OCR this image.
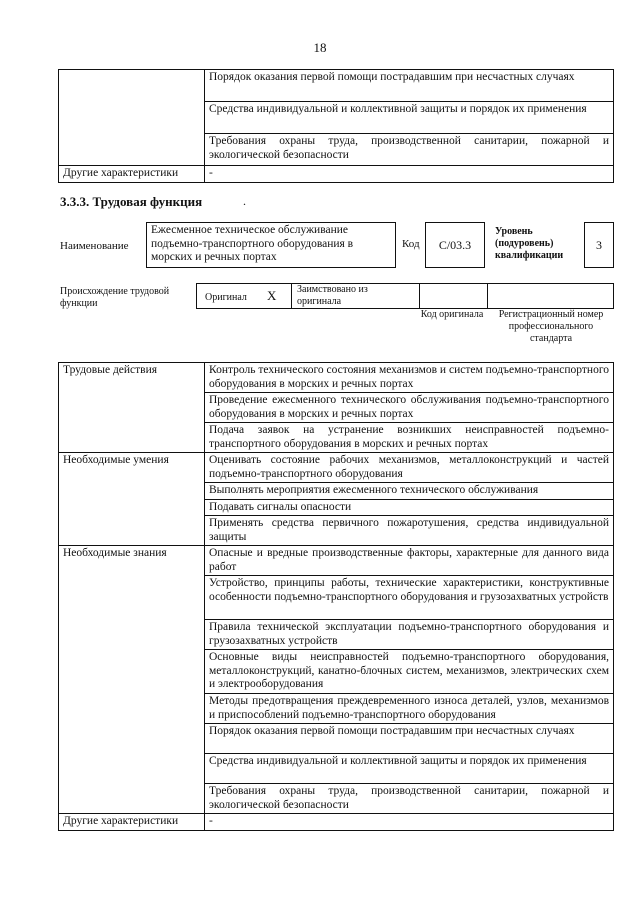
18
	Порядок оказания первой помощи пострадавшим при несчастных случаях
	Средства индивидуальной и коллективной защиты и порядок их применения
	Требования охраны труда, производственной санитарии, пожарной и экологической безопасности
Другие характеристики	-
3.3.3. Трудовая функция	.
Наименование
Ежесменное техническое обслуживание подъемно-транспортного оборудования в морских и речных портах
Код С/03.3
Уровень (подуровень) квалификации
3
Происхождение трудовой функции
Оригинал X Заимствовано из оригинала
Код оригинала	Регистрационный номер профессионального стандарта
Трудовые действия	Контроль технического состояния механизмов и систем подъемно-транспортного оборудования в морских и речных портах
	Проведение ежесменного технического обслуживания подъемно-транспортного оборудования в морских и речных портах
	Подача заявок на устранение возникших неисправностей подъемно-транспортного оборудования в морских и речных портах
Необходимые умения	Оценивать состояние рабочих механизмов, металлоконструкций и частей подъемно-транспортного оборудования
	Выполнять мероприятия ежесменного технического обслуживания
	Подавать сигналы опасности
	Применять средства первичного пожаротушения, средства индивидуальной защиты
Необходимые знания	Опасные и вредные производственные факторы, характерные для данного вида работ
	Устройство, принципы работы, технические характеристики, конструктивные особенности подъемно-транспортного оборудования и грузозахватных устройств
	Правила технической эксплуатации подъемно-транспортного оборудования и грузозахватных устройств
	Основные виды неисправностей подъемно-транспортного оборудования, металлоконструкций, канатно-блочных систем, механизмов, электрических схем и электрооборудования
	Методы предотвращения преждевременного износа деталей, узлов, механизмов и приспособлений подъемно-транспортного оборудования
	Порядок оказания первой помощи пострадавшим при несчастных случаях
	Средства индивидуальной и коллективной защиты и порядок их применения
	Требования охраны труда, производственной санитарии, пожарной и экологической безопасности
Другие характеристики	-
